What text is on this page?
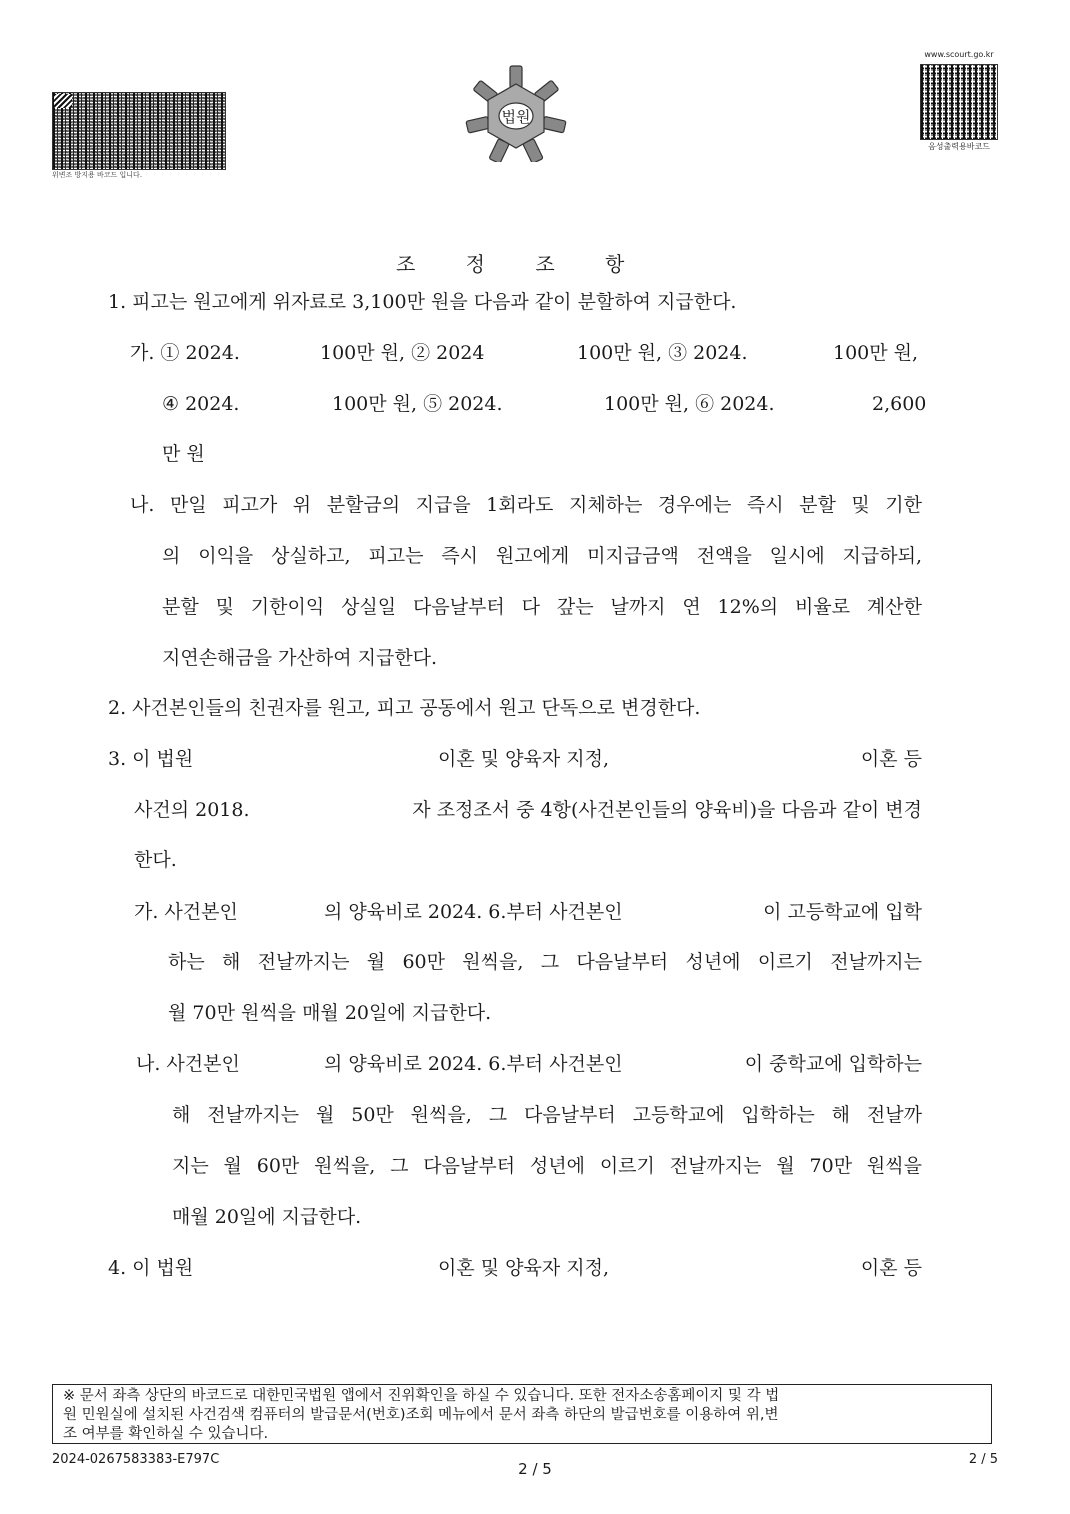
위변조 방지용 바코드 입니다.
법원
www.scourt.go.kr
음성출력용바코드
조 정 조 항
1. 피고는 원고에게 위자료로 3,100만 원을 다음과 같이 분할하여 지급한다.
가. ① 2024.	100만 원, ② 2024	100만 원, ③ 2024.	100만 원,
④ 2024.	100만 원, ⑤ 2024.	100만 원, ⑥ 2024.	2,600
만 원
나. 만일 피고가 위 분할금의 지급을 1회라도 지체하는 경우에는 즉시 분할 및 기한
의 이익을 상실하고, 피고는 즉시 원고에게 미지급금액 전액을 일시에 지급하되,
분할 및 기한이익 상실일 다음날부터 다 갚는 날까지 연 12%의 비율로 계산한
지연손해금을 가산하여 지급한다.
2. 사건본인들의 친권자를 원고, 피고 공동에서 원고 단독으로 변경한다.
3. 이 법원	이혼 및 양육자 지정,	이혼 등
사건의 2018.	자 조정조서 중 4항(사건본인들의 양육비)을 다음과 같이 변경
한다.
가. 사건본인	의 양육비로 2024. 6.부터 사건본인	이 고등학교에 입학
하는 해 전날까지는 월 60만 원씩을, 그 다음날부터 성년에 이르기 전날까지는
월 70만 원씩을 매월 20일에 지급한다.
나. 사건본인	의 양육비로 2024. 6.부터 사건본인	이 중학교에 입학하는
해 전날까지는 월 50만 원씩을, 그 다음날부터 고등학교에 입학하는 해 전날까
지는 월 60만 원씩을, 그 다음날부터 성년에 이르기 전날까지는 월 70만 원씩을
매월 20일에 지급한다.
4. 이 법원	이혼 및 양육자 지정,	이혼 등
※ 문서 좌측 상단의 바코드로 대한민국법원 앱에서 진위확인을 하실 수 있습니다. 또한 전자소송홈페이지 및 각 법
원 민원실에 설치된 사건검색 컴퓨터의 발급문서(번호)조회 메뉴에서 문서 좌측 하단의 발급번호를 이용하여 위,변
조 여부를 확인하실 수 있습니다.
2024-0267583383-E797C
2 / 5
2 / 5
